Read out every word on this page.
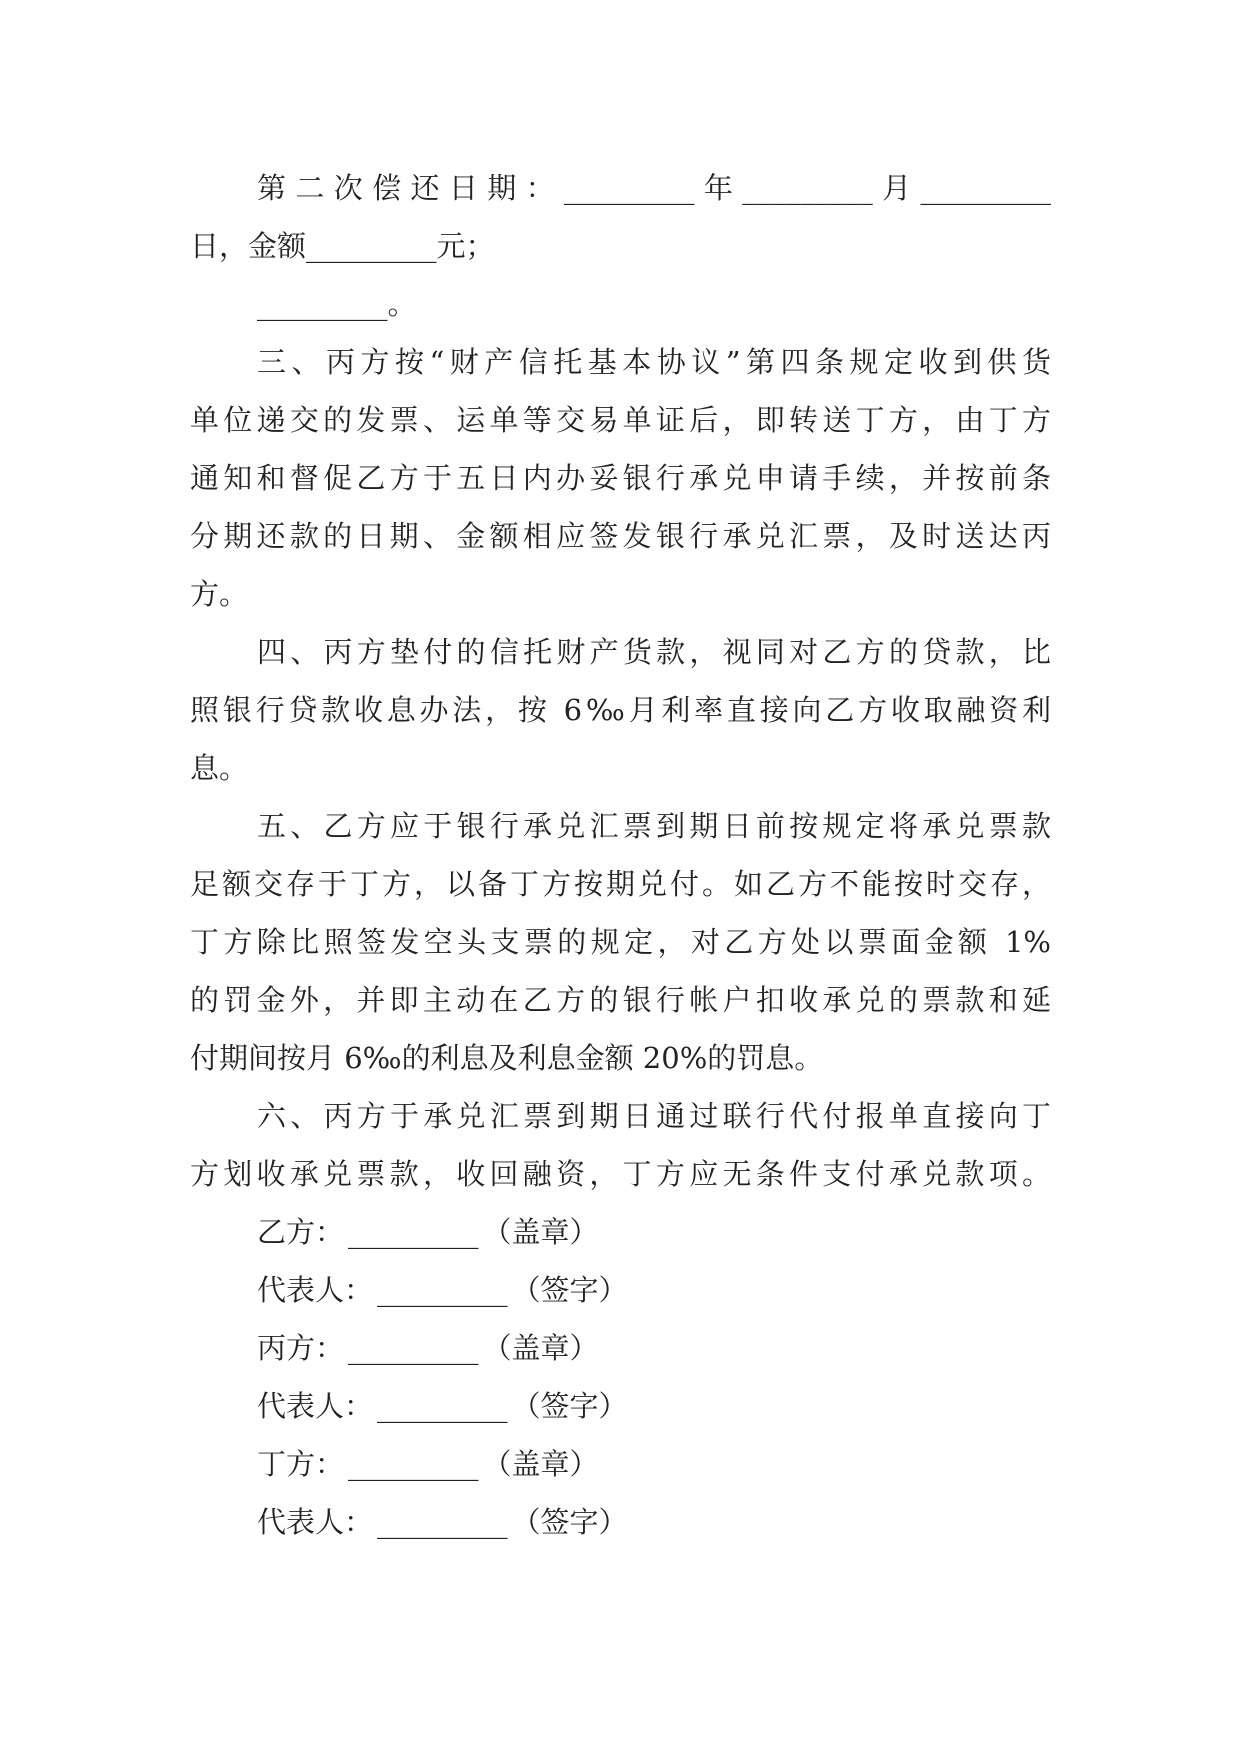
第二次偿还日期：_________年_________月_________
日，金额_________元；
_________。
三、丙方按“财产信托基本协议”第四条规定收到供货
单位递交的发票、运单等交易单证后，即转送丁方，由丁方
通知和督促乙方于五日内办妥银行承兑申请手续，并按前条
分期还款的日期、金额相应签发银行承兑汇票，及时送达丙
方。
四、丙方垫付的信托财产货款，视同对乙方的贷款，比
照银行贷款收息办法，按 6‰月利率直接向乙方收取融资利
息。
五、乙方应于银行承兑汇票到期日前按规定将承兑票款
足额交存于丁方，以备丁方按期兑付。如乙方不能按时交存，
丁方除比照签发空头支票的规定，对乙方处以票面金额 1%
的罚金外，并即主动在乙方的银行帐户扣收承兑的票款和延
付期间按月 6‰的利息及利息金额 20%的罚息。
六、丙方于承兑汇票到期日通过联行代付报单直接向丁
方划收承兑票款，收回融资，丁方应无条件支付承兑款项。
乙方： _________ （盖章）
代表人： _________ （签字）
丙方： _________ （盖章）
代表人： _________ （签字）
丁方： _________ （盖章）
代表人： _________ （签字）
